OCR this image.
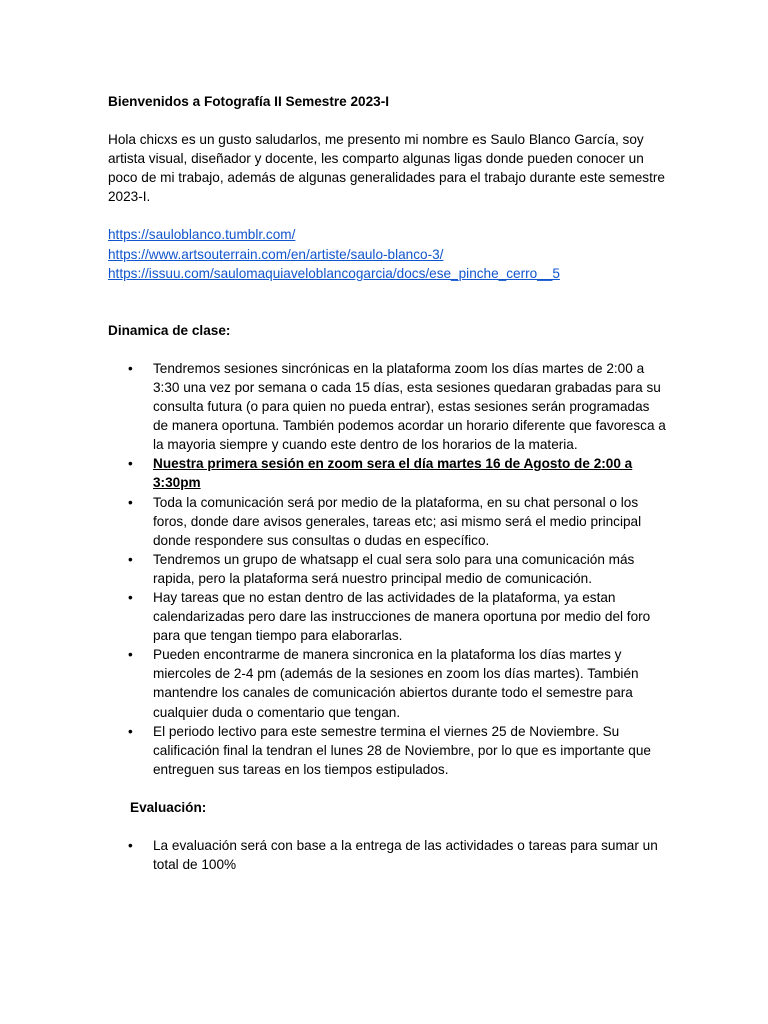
Bienvenidos a Fotografía II Semestre 2023-I

Hola chicxs es un gusto saludarlos, me presento mi nombre es Saulo Blanco García, soy artista visual, diseñador y docente, les comparto algunas ligas donde pueden conocer un poco de mi trabajo, además de algunas generalidades para el trabajo durante este semestre 2023-I.

https://sauloblanco.tumblr.com/
https://www.artsouterrain.com/en/artiste/saulo-blanco-3/
https://issuu.com/saulomaquiaveloblancogarcia/docs/ese_pinche_cerro__5

Dinamica de clase:

• Tendremos sesiones sincrónicas en la plataforma zoom los días martes de 2:00 a 3:30 una vez por semana o cada 15 días, esta sesiones quedaran grabadas para su consulta futura (o para quien no pueda entrar), estas sesiones serán programadas de manera oportuna. También podemos acordar un horario diferente que favoresca a la mayoria siempre y cuando este dentro de los horarios de la materia.
• Nuestra primera sesión en zoom sera el día martes 16 de Agosto de 2:00 a 3:30pm
• Toda la comunicación será por medio de la plataforma, en su chat personal o los foros, donde dare avisos generales, tareas etc; asi mismo será el medio principal donde respondere sus consultas o dudas en específico.
• Tendremos un grupo de whatsapp el cual sera solo para una comunicación más rapida, pero la plataforma será nuestro principal medio de comunicación.
• Hay tareas que no estan dentro de las actividades de la plataforma, ya estan calendarizadas pero dare las instrucciones de manera oportuna por medio del foro para que tengan tiempo para elaborarlas.
• Pueden encontrarme de manera sincronica en la plataforma los días martes y miercoles de 2-4 pm (además de la sesiones en zoom los días martes). También mantendre los canales de comunicación abiertos durante todo el semestre para cualquier duda o comentario que tengan.
• El periodo lectivo para este semestre termina el viernes 25 de Noviembre. Su calificación final la tendran el lunes 28 de Noviembre, por lo que es importante que entreguen sus tareas en los tiempos estipulados.

Evaluación:

• La evaluación será con base a la entrega de las actividades o tareas para sumar un total de 100%
